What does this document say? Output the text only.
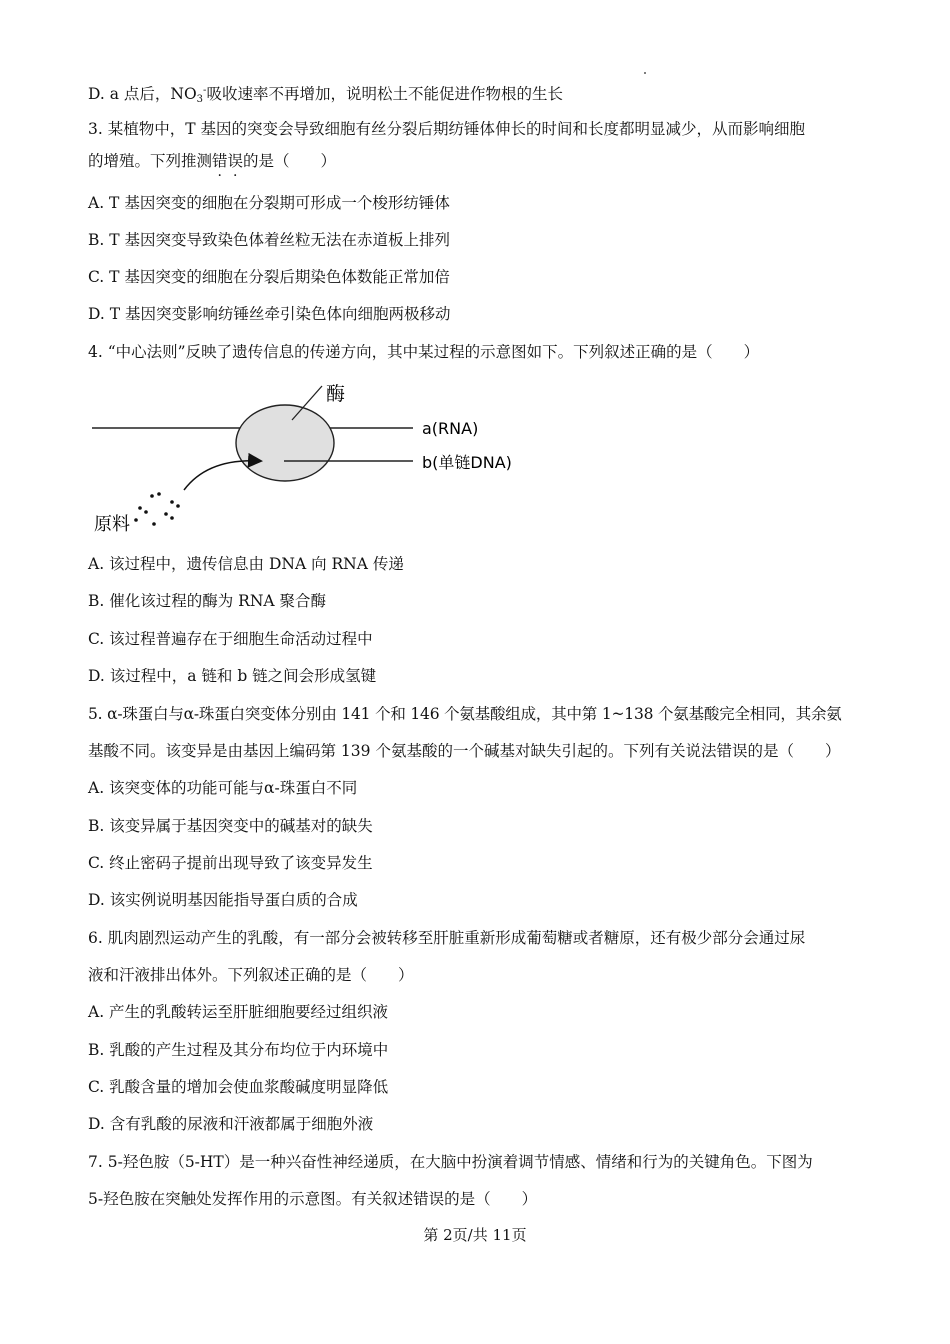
D. a 点后，$NO_3^-$吸收速率不再增加，说明松土不能促进作物根的生长
3. 某植物中，T 基因的突变会导致细胞有丝分裂后期纺锤体伸长的时间和长度都明显减少，从而影响细胞
的增殖。下列推测错误的是（　　）
A. T 基因突变的细胞在分裂期可形成一个梭形纺锤体
B. T 基因突变导致染色体着丝粒无法在赤道板上排列
C. T 基因突变的细胞在分裂后期染色体数能正常加倍
D. T 基因突变影响纺锤丝牵引染色体向细胞两极移动
4. “中心法则”反映了遗传信息的传递方向，其中某过程的示意图如下。下列叙述正确的是（　　）
酶
a(RNA)
b(单链DNA)
原料
A. 该过程中，遗传信息由 DNA 向 RNA 传递
B. 催化该过程的酶为 RNA 聚合酶
C. 该过程普遍存在于细胞生命活动过程中
D. 该过程中，a 链和 b 链之间会形成氢键
5. α-珠蛋白与α-珠蛋白突变体分别由 141 个和 146 个氨基酸组成，其中第 1~138 个氨基酸完全相同，其余氨
基酸不同。该变异是由基因上编码第 139 个氨基酸的一个碱基对缺失引起的。下列有关说法错误的是（　　）
A. 该突变体的功能可能与α-珠蛋白不同
B. 该变异属于基因突变中的碱基对的缺失
C. 终止密码子提前出现导致了该变异发生
D. 该实例说明基因能指导蛋白质的合成
6. 肌肉剧烈运动产生的乳酸，有一部分会被转移至肝脏重新形成葡萄糖或者糖原，还有极少部分会通过尿
液和汗液排出体外。下列叙述正确的是（　　）
A. 产生的乳酸转运至肝脏细胞要经过组织液
B. 乳酸的产生过程及其分布均位于内环境中
C. 乳酸含量的增加会使血浆酸碱度明显降低
D. 含有乳酸的尿液和汗液都属于细胞外液
7. 5-羟色胺（5-HT）是一种兴奋性神经递质，在大脑中扮演着调节情感、情绪和行为的关键角色。下图为
5-羟色胺在突触处发挥作用的示意图。有关叙述错误的是（　　）
第 2页/共 11页
